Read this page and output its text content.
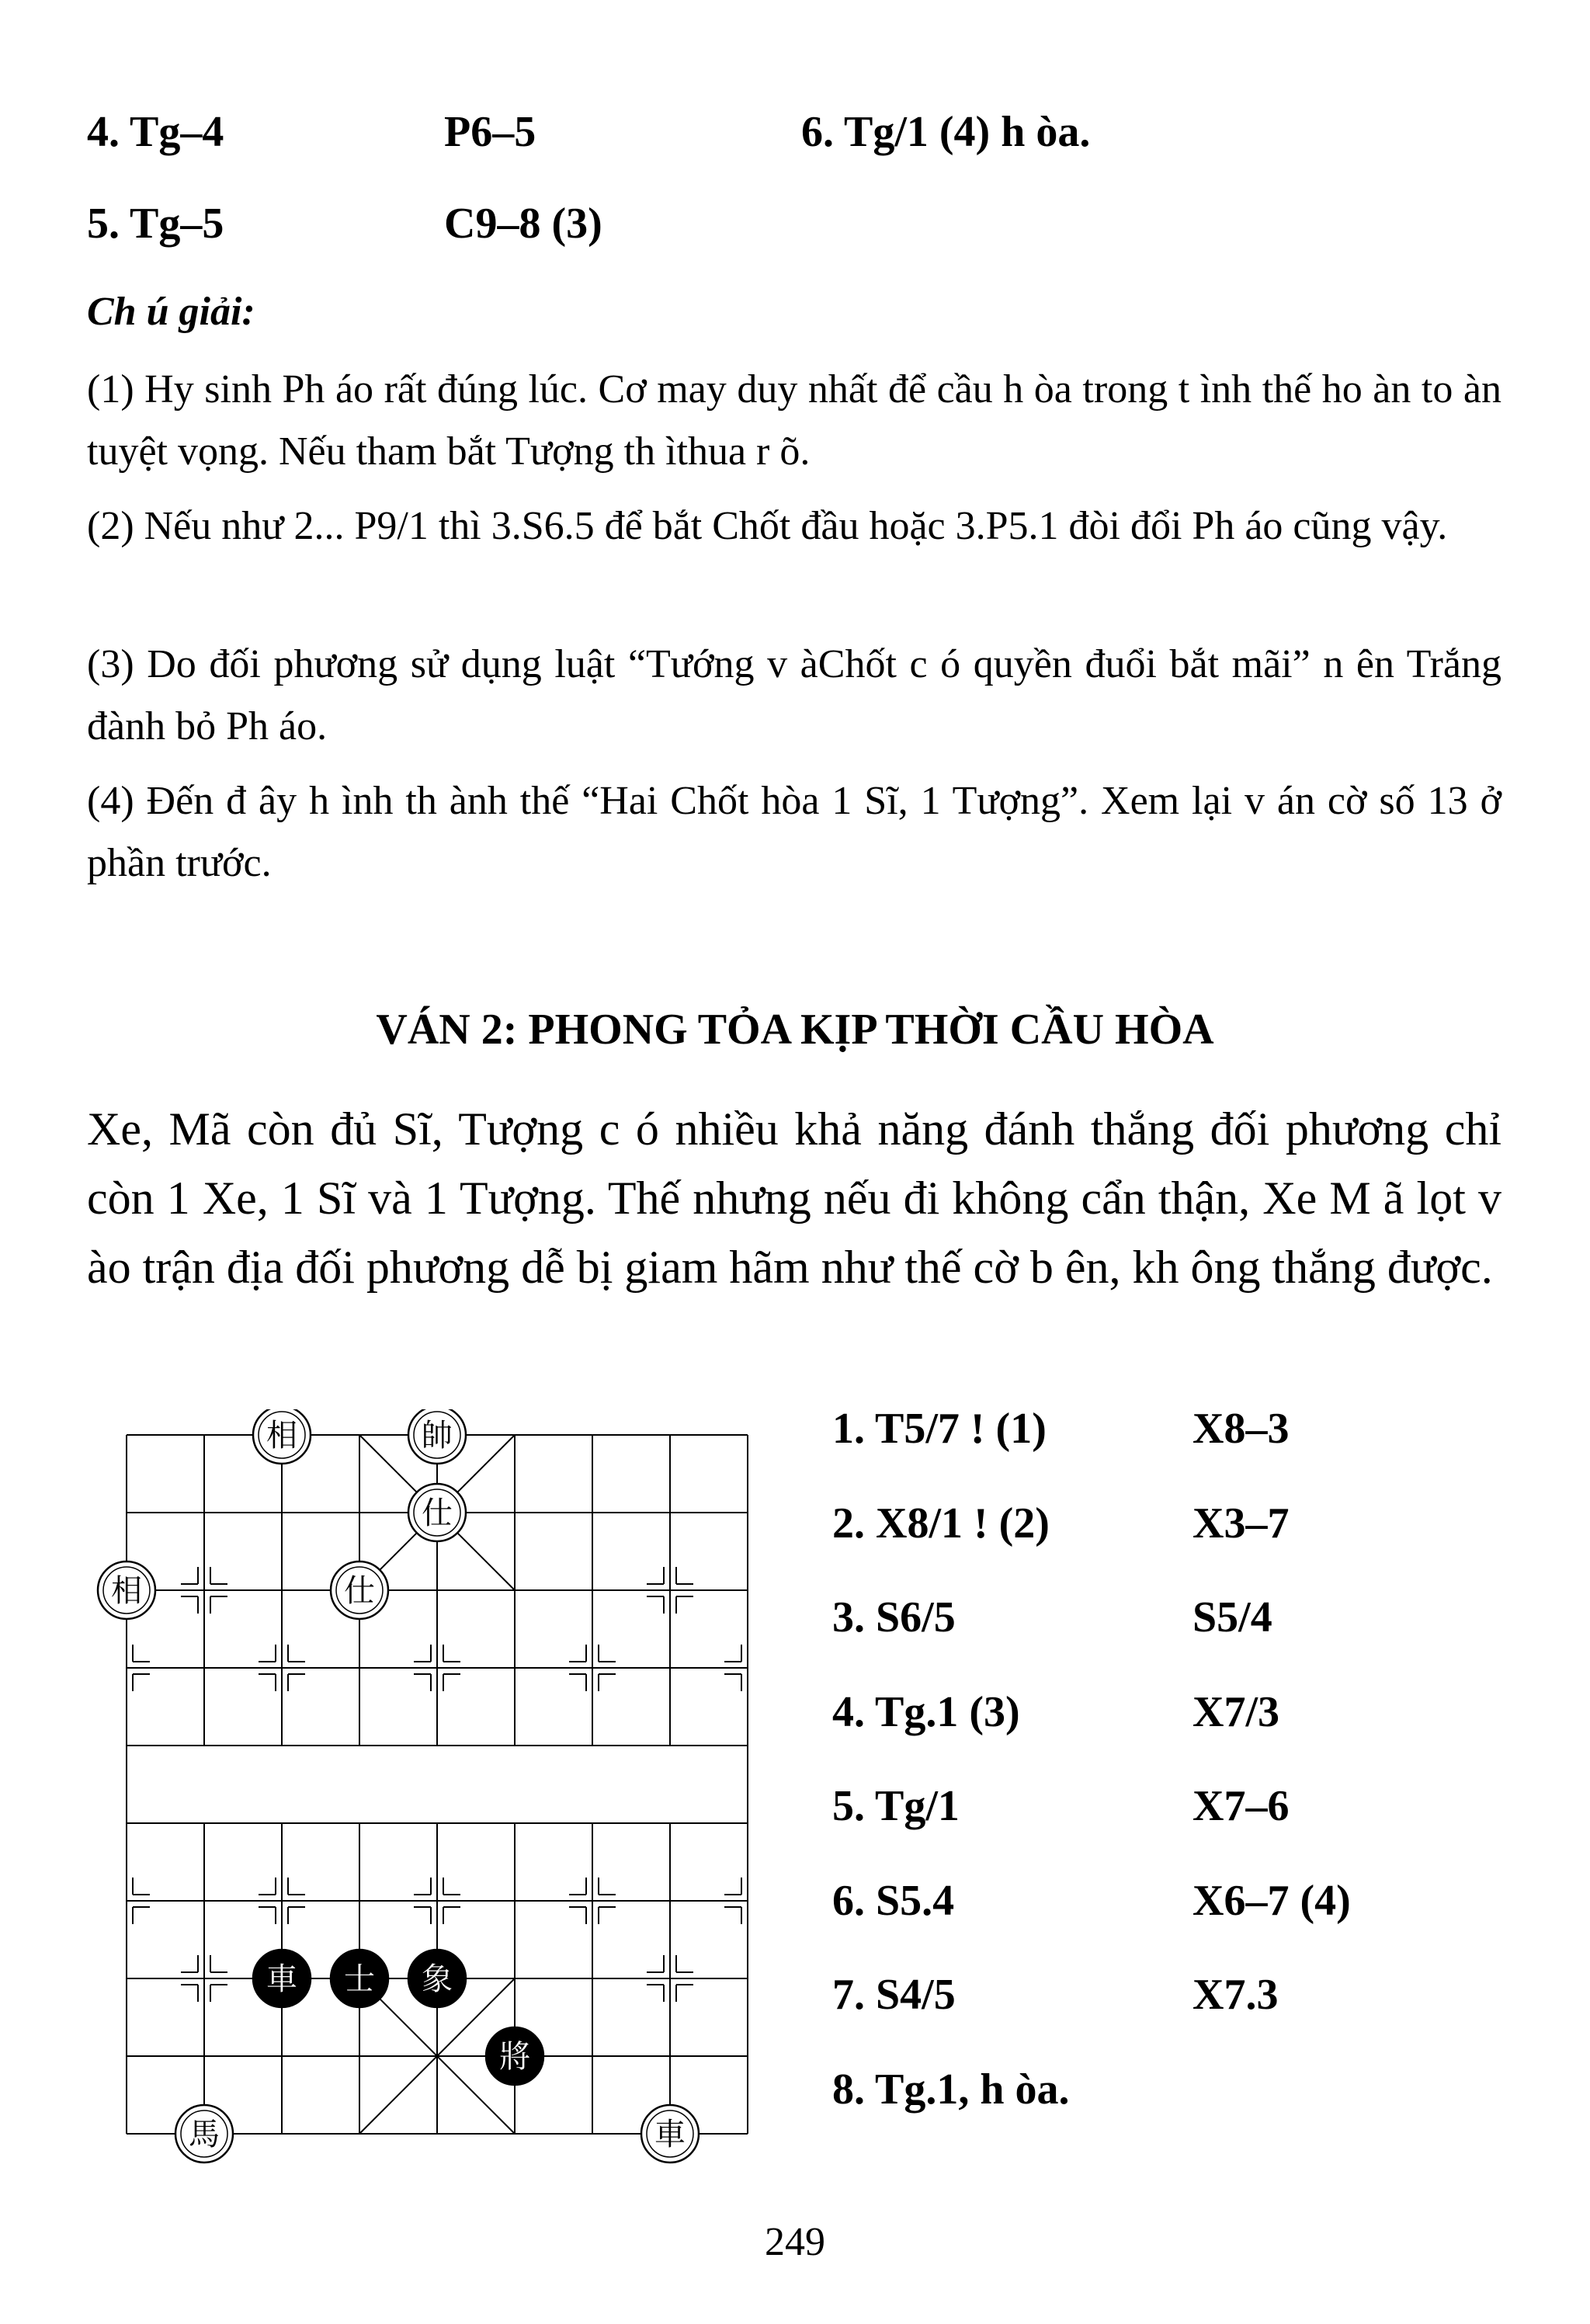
4. Tg–4	P6–5	6. Tg/1 (4) h òa.
5. Tg–5	C9–8 (3)
Ch ú giải:
(1) Hy sinh Ph áo rất đúng lúc. Cơ may duy nhất để cầu h òa trong t ình thế ho àn to àn tuyệt vọng. Nếu tham bắt Tượng th ìthua r õ.
(2) Nếu như 2... P9/1 thì 3.S6.5 để bắt Chốt đầu hoặc 3.P5.1 đòi đổi Ph áo cũng vậy.
(3) Do đối phương sử dụng luật “Tướng v àChốt c ó quyền đuổi bắt mãi” n ên Trắng đành bỏ Ph áo.
(4) Đến đ ây h ình th ành thế “Hai Chốt hòa 1 Sĩ, 1 Tượng”. Xem lại v án cờ số 13 ở phần trước.
VÁN 2: PHONG TỎA KỊP THỜI CẦU HÒA
Xe, Mã còn đủ Sĩ, Tượng c ó nhiều khả năng đánh thắng đối phương chỉ còn 1 Xe, 1 Sĩ và 1 Tượng. Thế nhưng nếu đi không cẩn thận, Xe M ã lọt v ào trận địa đối phương dễ bị giam hãm như thế cờ b ên, kh ông thắng được.
相	帥
仕
相	仕
車 士 象
將
馬	車
1. T5/7 ! (1)	X8–3
2. X8/1 ! (2)	X3–7
3. S6/5	S5/4
4. Tg.1 (3)	X7/3
5. Tg/1	X7–6
6. S5.4	X6–7 (4)
7. S4/5	X7.3
8. Tg.1, h òa.
249
